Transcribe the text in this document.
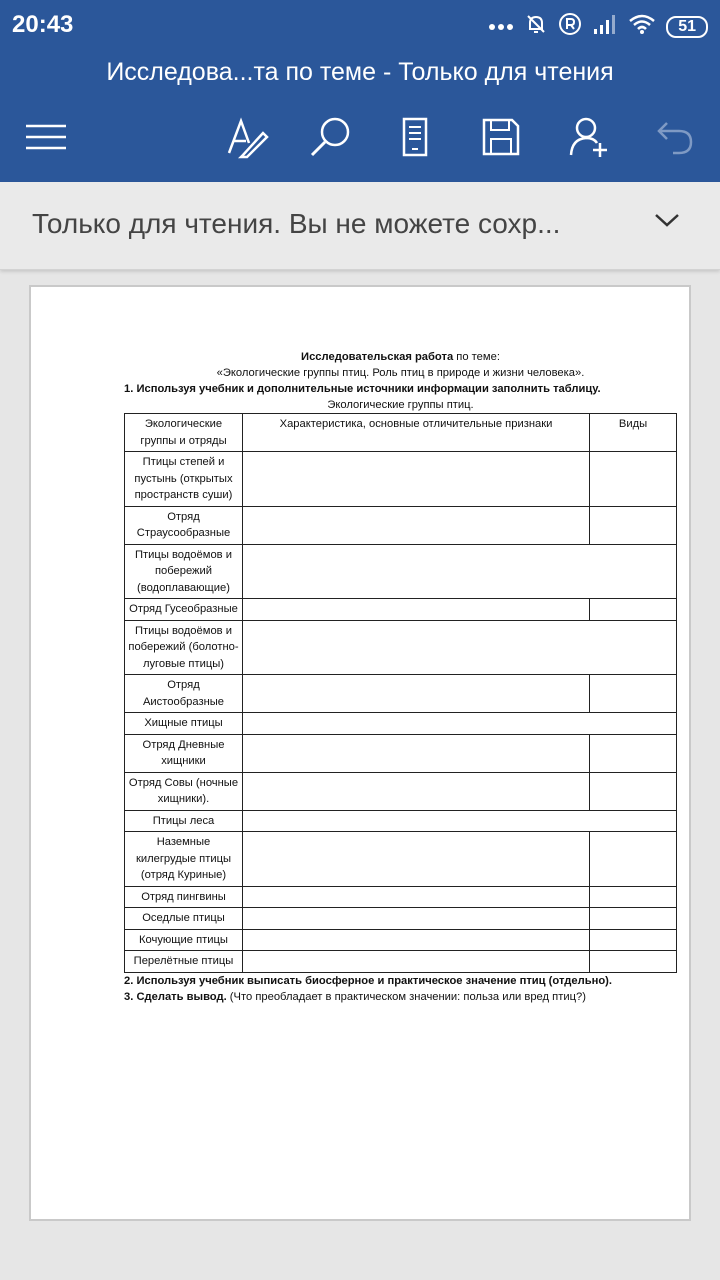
20:43	51
Исследова...та по теме - Только для чтения
Только для чтения. Вы не можете сохр...
Исследовательская работа по теме:
«Экологические группы птиц. Роль птиц в природе и жизни человека».
1. Используя учебник и дополнительные источники информации заполнить таблицу.
Экологические группы птиц.
Экологические группы и отряды	Характеристика, основные отличительные признаки	Виды
Птицы степей и пустынь (открытых пространств суши)		
Отряд Страусообразные		
Птицы водоёмов и побережий (водоплавающие)		
Отряд Гусеобразные		
Птицы водоёмов и побережий (болотно-луговые птицы)		
Отряд Аистообразные		
Хищные птицы		
Отряд Дневные хищники		
Отряд Совы (ночные хищники).		
Птицы леса		
Наземные килегрудые птицы (отряд Куриные)		
Отряд пингвины		
Оседлые птицы		
Кочующие птицы		
Перелётные птицы		
2. Используя учебник выписать биосферное и практическое значение птиц (отдельно).
3. Сделать вывод. (Что преобладает в практическом значении: польза или вред птиц?)
